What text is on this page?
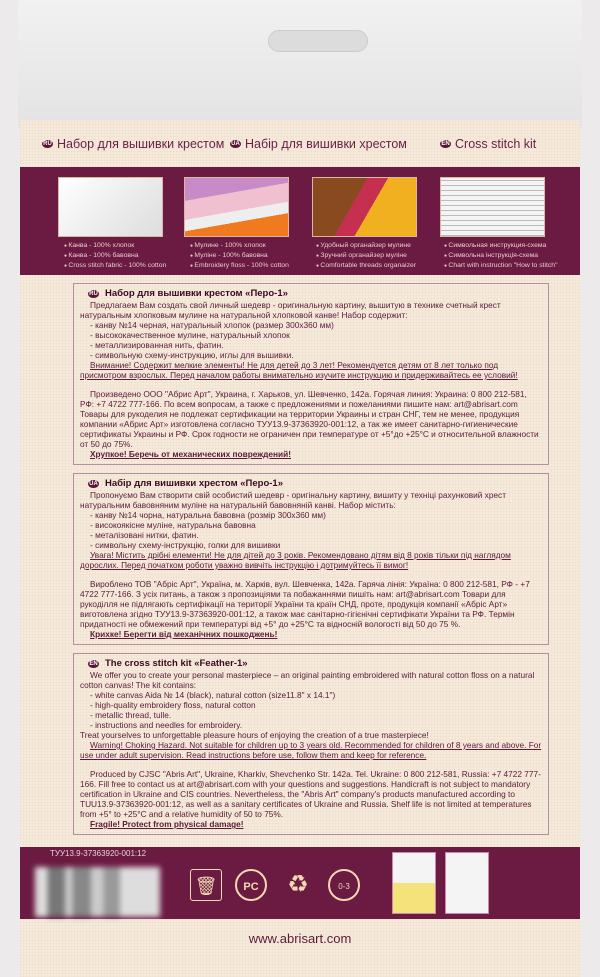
RU Набор для вышивки крестом UA Набір для вишивки хрестом	EN Cross stitch kit
● Канва - 100% хлопок
● Канва - 100% бавовна
● Cross stitch fabric - 100% cotton
● Мулине - 100% хлопок
● Муліне - 100% бавовна
● Embroidery floss - 100% cotton
● Удобный органайзер мулине
● Зручний органайзер муліне
● Comfortable threads organaizer
● Символьная инструкция-схема
● Символьна інструкція-схема
● Chart with instruction "How to stitch"
RU Набор для вышивки крестом «Перо-1»

Предлагаем Вам создать свой личный шедевр - оригинальную картину, вышитую в технике счетный крест натуральным хлопковым мулине на натуральной хлопковой канве! Набор содержит:

- канву №14 черная, натуральный хлопок (размер 300х360 мм)
- высококачественное мулине, натуральный хлопок
- металлизированная нить, фатин.
- символьную схему-инструкцию, иглы для вышивки.

Внимание! Содержит мелкие элементы! Не для детей до 3 лет! Рекомендуется детям от 8 лет только под присмотром взрослых. Перед началом работы внимательно изучите инструкцию и придерживайтесь ее условий!

Произведено ООО "Абрис Арт", Украина, г. Харьков, ул. Шевченко, 142а. Горячая линия: Украина: 0 800 212-581, РФ: +7 4722 777-166. По всем вопросам, а также с предложениями и пожеланиями пишите нам: art@abrisart.com Товары для рукоделия не подлежат сертификации на территории Украины и стран СНГ, тем не менее, продукция компании «Абрис Арт» изготовлена согласно ТУУ13.9-37363920-001:12, а так же имеет санитарно-гигиенические сертификаты Украины и РФ. Срок годности не ограничен при температуре от +5°до +25°C и относительной влажности от 50 до 75%.

Хрупкое! Беречь от механических повреждений!
UA Набір для вишивки хрестом «Перо-1»

Пропонуємо Вам створити свій особистий шедевр - оригінальну картину, вишиту у техніці рахунковий хрест натуральним бавовняним муліне на натуральній бавовняній канві. Набор містить:

- канву №14 чорна, натуральна бавовна (розмір 300х360 мм)
- високоякісне муліне, натуральна бавовна
- металізовані нитки, фатин.
- символьну схему-інструкцію, голки для вишивки

Увага! Містить дрібні елементи! Не для дітей до 3 років. Рекомендовано дітям від 8 років тільки під наглядом дорослих. Перед початком роботи уважно вивчіть інструкцію і дотримуйтесь її вимог!

Вироблено ТОВ "Абріс Арт", Україна, м. Харків, вул. Шевченка, 142а. Гаряча лінія: Україна: 0 800 212-581, РФ - +7 4722 777-166. З усіх питань, а також з пропозиціями та побажаннями пишіть нам: art@abrisart.com Товари для рукоділля не підлягають сертифікації на території України та країн СНД, проте, продукція компанії «Абріс Арт» виготовлена згідно ТУУ13.9-37363920-001:12, а також має санітарно-гігієнічні сертифікати України та РФ. Термін придатності не обмежений при температурі від +5° до +25°C та відносній вологості від 50 до 75 %.

Крихке! Берегти від механічних пошкоджень!
EN The cross stitch kit «Feather-1»

We offer you to create your personal masterpiece – an original painting embroidered with natural cotton floss on a natural cotton canvas! The kit contains:

- white canvas Aida № 14 (black), natural cotton (size11.8" x 14.1")
- high-quality embroidery floss, natural cotton
- metallic thread, tulle.
- instructions and needles for embroidery.
Treat yourselves to unforgettable pleasure hours of enjoying the creation of a true masterpiece!

Warning! Choking Hazard. Not suitable for children up to 3 years old. Recommended for children of 8 years and above. For use under adult supervision. Read instructions before use, follow them and keep for reference.

Produced by CJSC "Abris Art", Ukraine, Kharkiv, Shevchenko Str. 142a. Tel. Ukraine: 0 800 212-581, Russia: +7 4722 777-166. Fill free to contact us at art@abrisart.com with your questions and suggestions. Handicraft is not subject to mandatory certification in Ukraine and CIS countries. Nevertheless, the "Abris Art" company's products manufactured according to TUU13.9-37363920-001:12, as well as a sanitary certificates of Ukraine and Russia. Shelf life is not limited at temperatures from +5° to +25°C and a relative humidity of 50 to 75%.

Fragile! Protect from physical damage!
ТУУ13.9-37363920-001:12
🗑	PC	♻	0-3
www.abrisart.com
